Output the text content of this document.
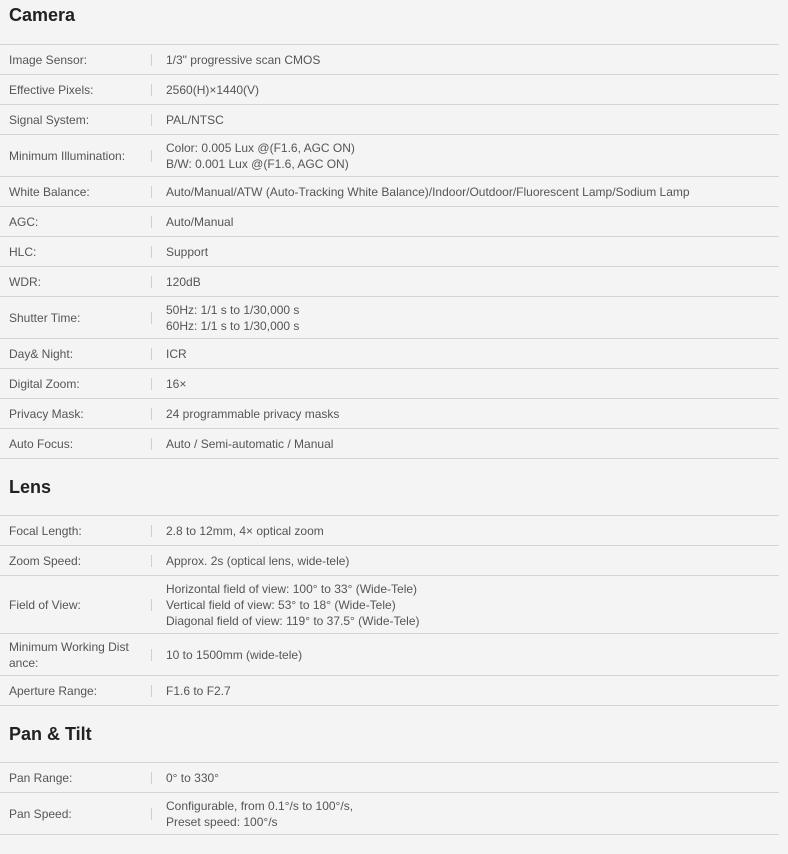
Camera
Image Sensor:	1/3" progressive scan CMOS

Effective Pixels:	2560(H)×1440(V)

Signal System:	PAL/NTSC

Minimum Illumination:	Color: 0.005 Lux @(F1.6, AGC ON)
B/W: 0.001 Lux @(F1.6, AGC ON)

White Balance:	Auto/Manual/ATW (Auto-Tracking White Balance)/Indoor/Outdoor/Fluorescent Lamp/Sodium Lamp

AGC:	Auto/Manual

HLC:	Support

WDR:	120dB

Shutter Time:	50Hz: 1/1 s to 1/30,000 s
60Hz: 1/1 s to 1/30,000 s

Day& Night:	ICR

Digital Zoom:	16×

Privacy Mask:	24 programmable privacy masks

Auto Focus:	Auto / Semi-automatic / Manual
Lens
Focal Length:	2.8 to 12mm, 4× optical zoom

Zoom Speed:	Approx. 2s (optical lens, wide-tele)

Field of View:	Horizontal field of view: 100° to 33° (Wide-Tele)
Vertical field of view: 53° to 18° (Wide-Tele)
Diagonal field of view: 119° to 37.5° (Wide-Tele)

Minimum Working Dist ance:	10 to 1500mm (wide-tele)

Aperture Range:	F1.6 to F2.7
Pan & Tilt
Pan Range:	0° to 330°

Pan Speed:	Configurable, from 0.1°/s to 100°/s,
Preset speed: 100°/s
